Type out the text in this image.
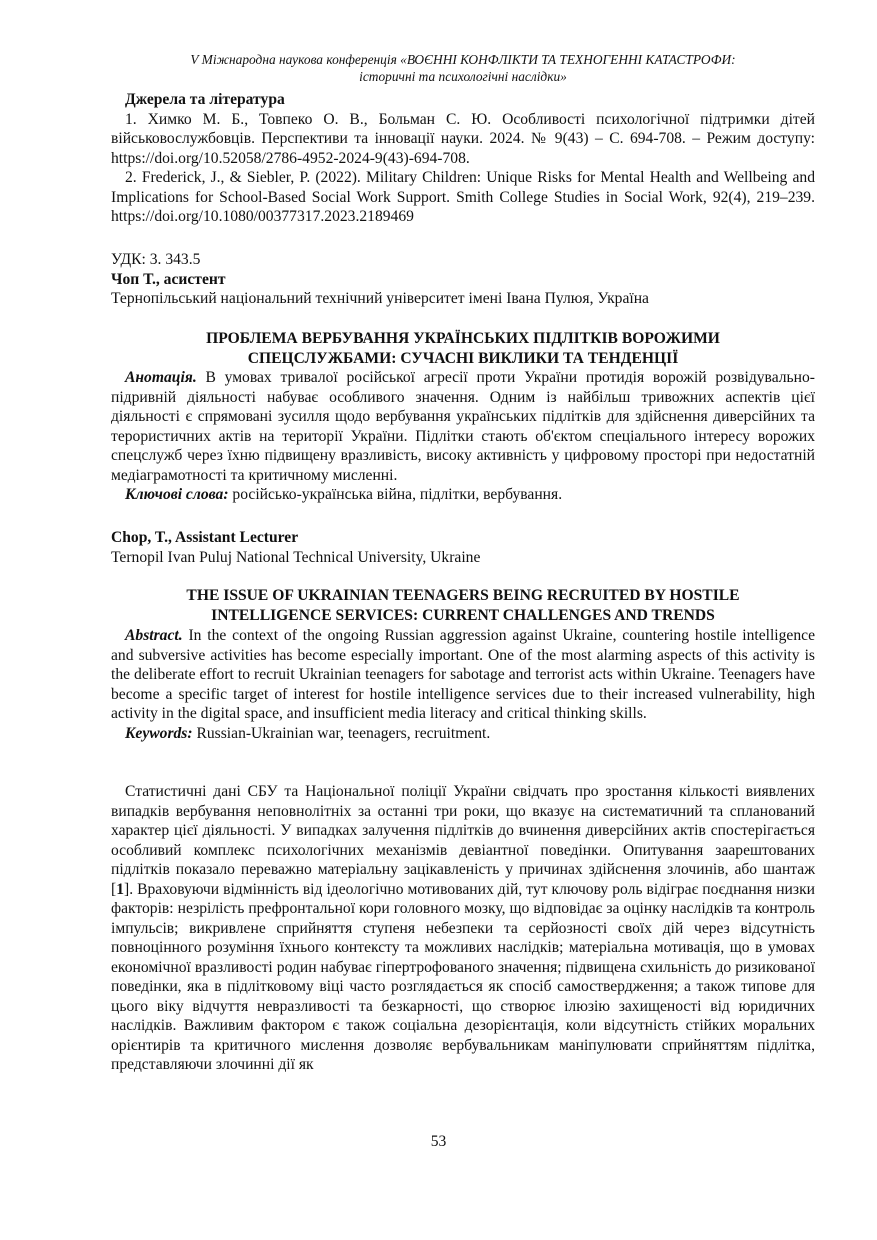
V Міжнародна наукова конференція «ВОЄННІ КОНФЛІКТИ ТА ТЕХНОГЕННІ КАТАСТРОФИ:
історичні та психологічні наслідки»

Джерела та література

1. Химко М. Б., Товпеко О. В., Больман С. Ю. Особливості психологічної підтримки дітей військовослужбовців. Перспективи та інновації науки. 2024. № 9(43) – С. 694-708. – Режим доступу: https://doi.org/10.52058/2786-4952-2024-9(43)-694-708.

2. Frederick, J., & Siebler, P. (2022). Military Children: Unique Risks for Mental Health and Wellbeing and Implications for School-Based Social Work Support. Smith College Studies in Social Work, 92(4), 219–239. https://doi.org/10.1080/00377317.2023.2189469

УДК: 3. 343.5

Чоп Т., асистент

Тернопільський національний технічний університет імені Івана Пулюя, Україна

ПРОБЛЕМА ВЕРБУВАННЯ УКРАЇНСЬКИХ ПІДЛІТКІВ ВОРОЖИМИ

СПЕЦСЛУЖБАМИ: СУЧАСНІ ВИКЛИКИ ТА ТЕНДЕНЦІЇ

Анотація. В умовах тривалої російської агресії проти України протидія ворожій розвідувально-підривній діяльності набуває особливого значення. Одним із найбільш тривожних аспектів цієї діяльності є спрямовані зусилля щодо вербування українських підлітків для здійснення диверсійних та терористичних актів на території України. Підлітки стають об'єктом спеціального інтересу ворожих спецслужб через їхню підвищену вразливість, високу активність у цифровому просторі при недостатній медіаграмотності та критичному мисленні.

Ключові слова: російсько-українська війна, підлітки, вербування.

Chop, T., Assistant Lecturer

Ternopil Ivan Puluj National Technical University, Ukraine

THE ISSUE OF UKRAINIAN TEENAGERS BEING RECRUITED BY HOSTILE

INTELLIGENCE SERVICES: CURRENT CHALLENGES AND TRENDS

Abstract. In the context of the ongoing Russian aggression against Ukraine, countering hostile intelligence and subversive activities has become especially important. One of the most alarming aspects of this activity is the deliberate effort to recruit Ukrainian teenagers for sabotage and terrorist acts within Ukraine. Teenagers have become a specific target of interest for hostile intelligence services due to their increased vulnerability, high activity in the digital space, and insufficient media literacy and critical thinking skills.

Keywords: Russian-Ukrainian war, teenagers, recruitment.

Статистичні дані СБУ та Національної поліції України свідчать про зростання кількості виявлених випадків вербування неповнолітніх за останні три роки, що вказує на систематичний та спланований характер цієї діяльності. У випадках залучення підлітків до вчинення диверсійних актів спостерігається особливий комплекс психологічних механізмів девіантної поведінки. Опитування заарештованих підлітків показало переважно матеріальну зацікавленість у причинах здійснення злочинів, або шантаж [1]. Враховуючи відмінність від ідеологічно мотивованих дій, тут ключову роль відіграє поєднання низки факторів: незрілість префронтальної кори головного мозку, що відповідає за оцінку наслідків та контроль імпульсів; викривлене сприйняття ступеня небезпеки та серйозності своїх дій через відсутність повноцінного розуміння їхнього контексту та можливих наслідків; матеріальна мотивація, що в умовах економічної вразливості родин набуває гіпертрофованого значення; підвищена схильність до ризикованої поведінки, яка в підлітковому віці часто розглядається як спосіб самоствердження; а також типове для цього віку відчуття невразливості та безкарності, що створює ілюзію захищеності від юридичних наслідків. Важливим фактором є також соціальна дезорієнтація, коли відсутність стійких моральних орієнтирів та критичного мислення дозволяє вербувальникам маніпулювати сприйняттям підлітка, представляючи злочинні дії як

53
